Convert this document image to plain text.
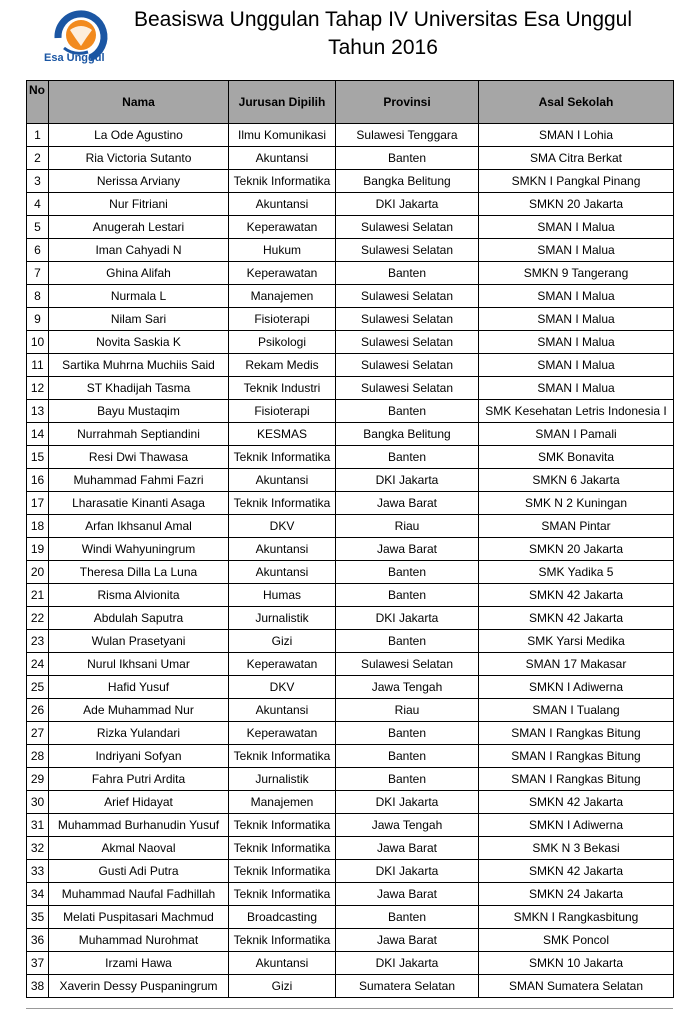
Esa Unggul
Beasiswa Unggulan Tahap IV Universitas Esa Unggul
Tahun 2016
No	Nama	Jurusan Dipilih	Provinsi	Asal Sekolah
1	La Ode Agustino	Ilmu Komunikasi	Sulawesi Tenggara	SMAN I Lohia
2	Ria Victoria Sutanto	Akuntansi	Banten	SMA Citra Berkat
3	Nerissa Arviany	Teknik Informatika	Bangka Belitung	SMKN I Pangkal Pinang
4	Nur Fitriani	Akuntansi	DKI Jakarta	SMKN 20 Jakarta
5	Anugerah Lestari	Keperawatan	Sulawesi Selatan	SMAN I Malua
6	Iman Cahyadi N	Hukum	Sulawesi Selatan	SMAN I Malua
7	Ghina Alifah	Keperawatan	Banten	SMKN 9 Tangerang
8	Nurmala L	Manajemen	Sulawesi Selatan	SMAN I Malua
9	Nilam Sari	Fisioterapi	Sulawesi Selatan	SMAN I Malua
10	Novita Saskia K	Psikologi	Sulawesi Selatan	SMAN I Malua
11	Sartika Muhrna Muchiis Said	Rekam Medis	Sulawesi Selatan	SMAN I Malua
12	ST Khadijah Tasma	Teknik Industri	Sulawesi Selatan	SMAN I Malua
13	Bayu Mustaqim	Fisioterapi	Banten	SMK Kesehatan Letris Indonesia I
14	Nurrahmah Septiandini	KESMAS	Bangka Belitung	SMAN I Pamali
15	Resi Dwi Thawasa	Teknik Informatika	Banten	SMK Bonavita
16	Muhammad Fahmi Fazri	Akuntansi	DKI Jakarta	SMKN 6 Jakarta
17	Lharasatie Kinanti Asaga	Teknik Informatika	Jawa Barat	SMK N 2 Kuningan
18	Arfan Ikhsanul Amal	DKV	Riau	SMAN Pintar
19	Windi Wahyuningrum	Akuntansi	Jawa Barat	SMKN 20 Jakarta
20	Theresa Dilla La Luna	Akuntansi	Banten	SMK Yadika 5
21	Risma Alvionita	Humas	Banten	SMKN 42 Jakarta
22	Abdulah Saputra	Jurnalistik	DKI Jakarta	SMKN 42 Jakarta
23	Wulan Prasetyani	Gizi	Banten	SMK Yarsi Medika
24	Nurul Ikhsani Umar	Keperawatan	Sulawesi Selatan	SMAN 17 Makasar
25	Hafid Yusuf	DKV	Jawa Tengah	SMKN I Adiwerna
26	Ade Muhammad Nur	Akuntansi	Riau	SMAN I Tualang
27	Rizka Yulandari	Keperawatan	Banten	SMAN I Rangkas Bitung
28	Indriyani Sofyan	Teknik Informatika	Banten	SMAN I Rangkas Bitung
29	Fahra Putri Ardita	Jurnalistik	Banten	SMAN I Rangkas Bitung
30	Arief Hidayat	Manajemen	DKI Jakarta	SMKN 42 Jakarta
31	Muhammad Burhanudin Yusuf	Teknik Informatika	Jawa Tengah	SMKN I Adiwerna
32	Akmal Naoval	Teknik Informatika	Jawa Barat	SMK N 3 Bekasi
33	Gusti Adi Putra	Teknik Informatika	DKI Jakarta	SMKN 42 Jakarta
34	Muhammad Naufal Fadhillah	Teknik Informatika	Jawa Barat	SMKN 24 Jakarta
35	Melati Puspitasari Machmud	Broadcasting	Banten	SMKN I Rangkasbitung
36	Muhammad Nurohmat	Teknik Informatika	Jawa Barat	SMK Poncol
37	Irzami Hawa	Akuntansi	DKI Jakarta	SMKN 10 Jakarta
38	Xaverin Dessy Puspaningrum	Gizi	Sumatera Selatan	SMAN Sumatera Selatan
